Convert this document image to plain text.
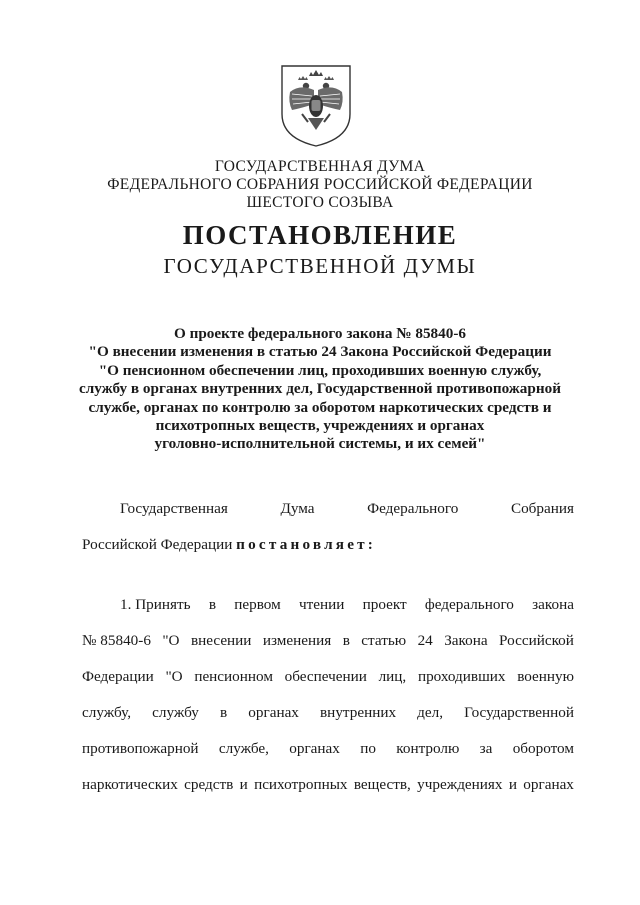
ГОСУДАРСТВЕННАЯ ДУМА
ФЕДЕРАЛЬНОГО СОБРАНИЯ РОССИЙСКОЙ ФЕДЕРАЦИИ
ШЕСТОГО СОЗЫВА
ПОСТАНОВЛЕНИЕ
ГОСУДАРСТВЕННОЙ ДУМЫ
О проекте федерального закона № 85840-6
"О внесении изменения в статью 24 Закона Российской Федерации
"О пенсионном обеспечении лиц, проходивших военную службу,
службу в органах внутренних дел, Государственной противопожарной
службе, органах по контролю за оборотом наркотических средств и
психотропных веществ, учреждениях и органах
уголовно-исполнительной системы, и их семей"
Государственная	Дума	Федерального	Собрания
Российской Федерации
постановляет:
1. Принять в первом чтении проект федерального закона
№ 85840-6 "О внесении изменения в статью 24 Закона Российской
Федерации "О пенсионном обеспечении лиц, проходивших военную
службу, службу в органах внутренних дел, Государственной
противопожарной службе, органах по контролю за оборотом
наркотических средств и психотропных веществ, учреждениях и органах
